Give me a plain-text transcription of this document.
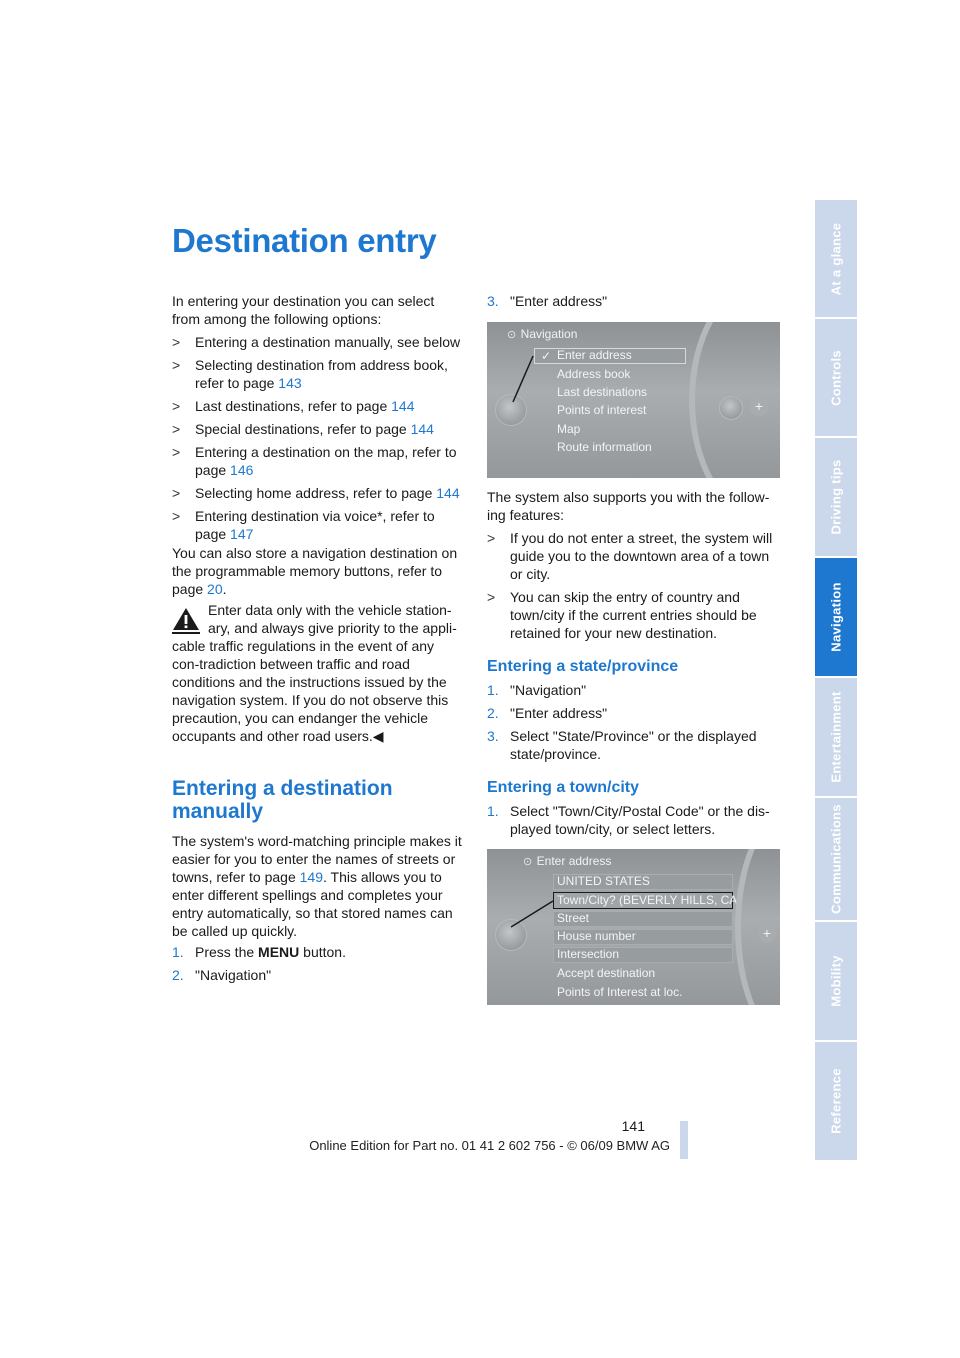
Destination entry

In entering your destination you can select from among the following options:

>	Entering a destination manually, see below
>	Selecting destination from address book, refer to page 143
>	Last destinations, refer to page 144
>	Special destinations, refer to page 144
>	Entering a destination on the map, refer to page 146
>	Selecting home address, refer to page 144
>	Entering destination via voice*, refer to page 147

You can also store a navigation destination on the programmable memory buttons, refer to page 20.

Enter data only with the vehicle station-ary, and always give priority to the appli-

cable traffic regulations in the event of any con-tradiction between traffic and road conditions and the instructions issued by the navigation system. If you do not observe this precaution, you can endanger the vehicle occupants and other road users.◀

Entering a destination manually

The system's word-matching principle makes it easier for you to enter the names of streets or towns, refer to page 149. This allows you to enter different spellings and completes your entry automatically, so that stored names can be called up quickly.

1. Press the MENU button.
2. "Navigation"
3. "Enter address"
⊙ Navigation
✓ Enter address
Address book
Last destinations
Points of interest
Map
Route information
+

The system also supports you with the follow-ing features:

>	If you do not enter a street, the system will guide you to the downtown area of a town or city.
>	You can skip the entry of country and town/city if the current entries should be retained for your new destination.
Entering a state/province
1. "Navigation"
2. "Enter address"
3. Select "State/Province" or the displayed state/province.
Entering a town/city
1. Select "Town/City/Postal Code" or the dis-played town/city, or select letters.
⊙ Enter address
UNITED STATES
Town/City? (BEVERLY HILLS, CA)
Street
House number
Intersection
Accept destination
Points of Interest at loc.
+
At a glance
Controls
Driving tips
Navigation
Entertainment
Communications
Mobility
Reference
141
Online Edition for Part no. 01 41 2 602 756 - © 06/09 BMW AG
